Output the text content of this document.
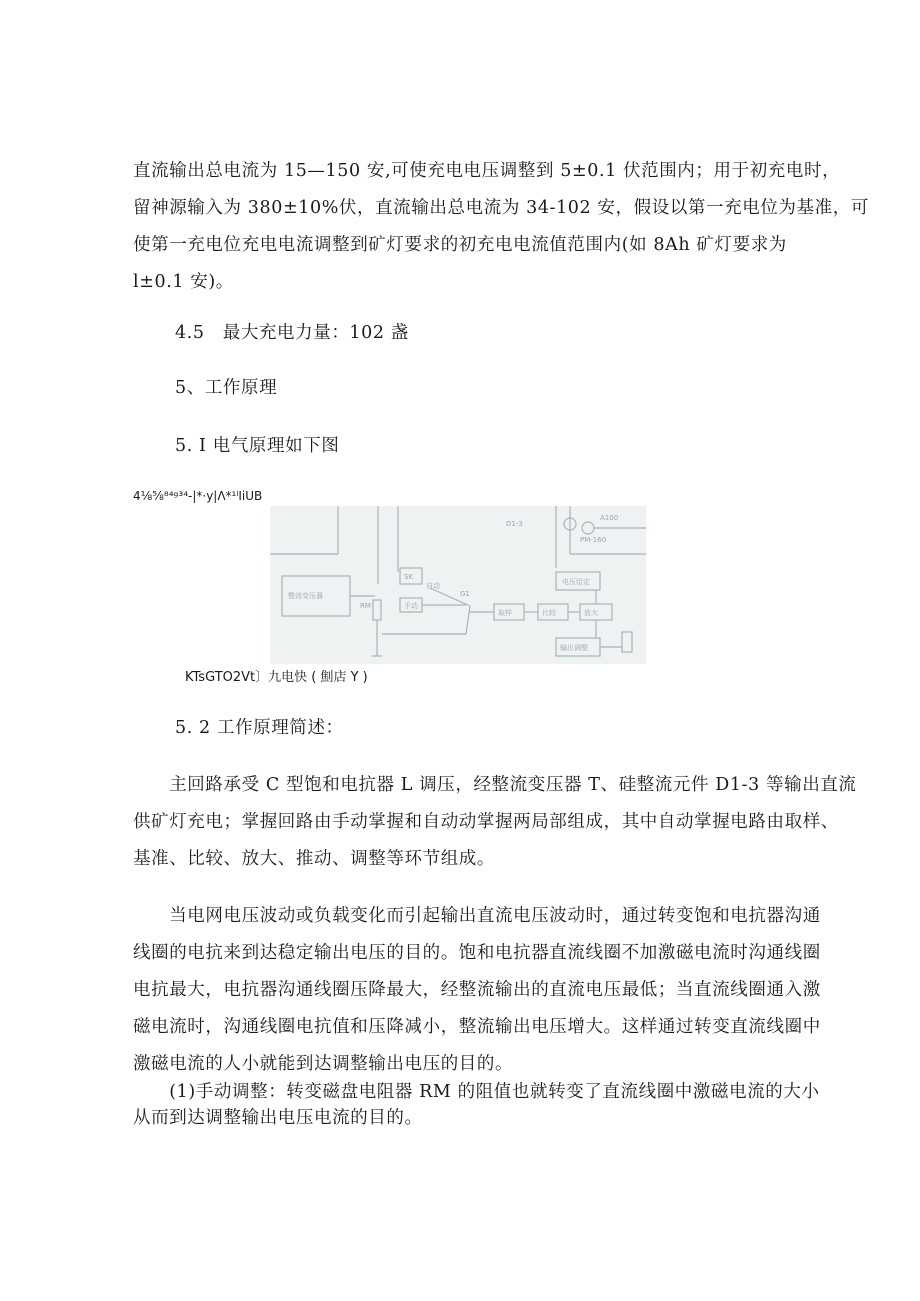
直流输出总电流为 15—150 安,可使充电电压调整到 5±0.1 伏范围内；用于初充电时，
留神源输入为 380±10%伏，直流输出总电流为 34-102 安，假设以第一充电位为基准，可
使第一充电位充电电流调整到矿灯要求的初充电电流值范围内(如 8Ah 矿灯要求为
l±0.1 安)。

4.5　最大充电力量：102 盏

5、工作原理

5. I 电气原理如下图

4⅛⅝⁸⁴ᵍ³⁴-|*·y|Λ*¹ˡIiUB
整流变压器
SK
手动
取样	比较	放大
电压给定
输出调整
PM-160
A100
D1-3
自动
G1
RM
KTsGTO2Vt〕九电快 ( 劁店 Y )

5. 2 工作原理简述：

　　主回路承受 C 型饱和电抗器 L 调压，经整流变压器 T、硅整流元件 D1-3 等输出直流
供矿灯充电；掌握回路由手动掌握和自动动掌握两局部组成，其中自动掌握电路由取样、
基准、比较、放大、推动、调整等环节组成。
　　当电网电压波动或负载变化而引起输出直流电压波动时，通过转变饱和电抗器沟通
线圈的电抗来到达稳定输出电压的目的。饱和电抗器直流线圈不加激磁电流时沟通线圈
电抗最大，电抗器沟通线圈压降最大，经整流输出的直流电压最低；当直流线圈通入激
磁电流时，沟通线圈电抗值和压降减小，整流输出电压增大。这样通过转变直流线圈中
激磁电流的人小就能到达调整输出电压的目的。
　　(1)手动调整：转变磁盘电阻器 RM 的阻值也就转变了直流线圈中激磁电流的大小
从而到达调整输出电压电流的目的。
